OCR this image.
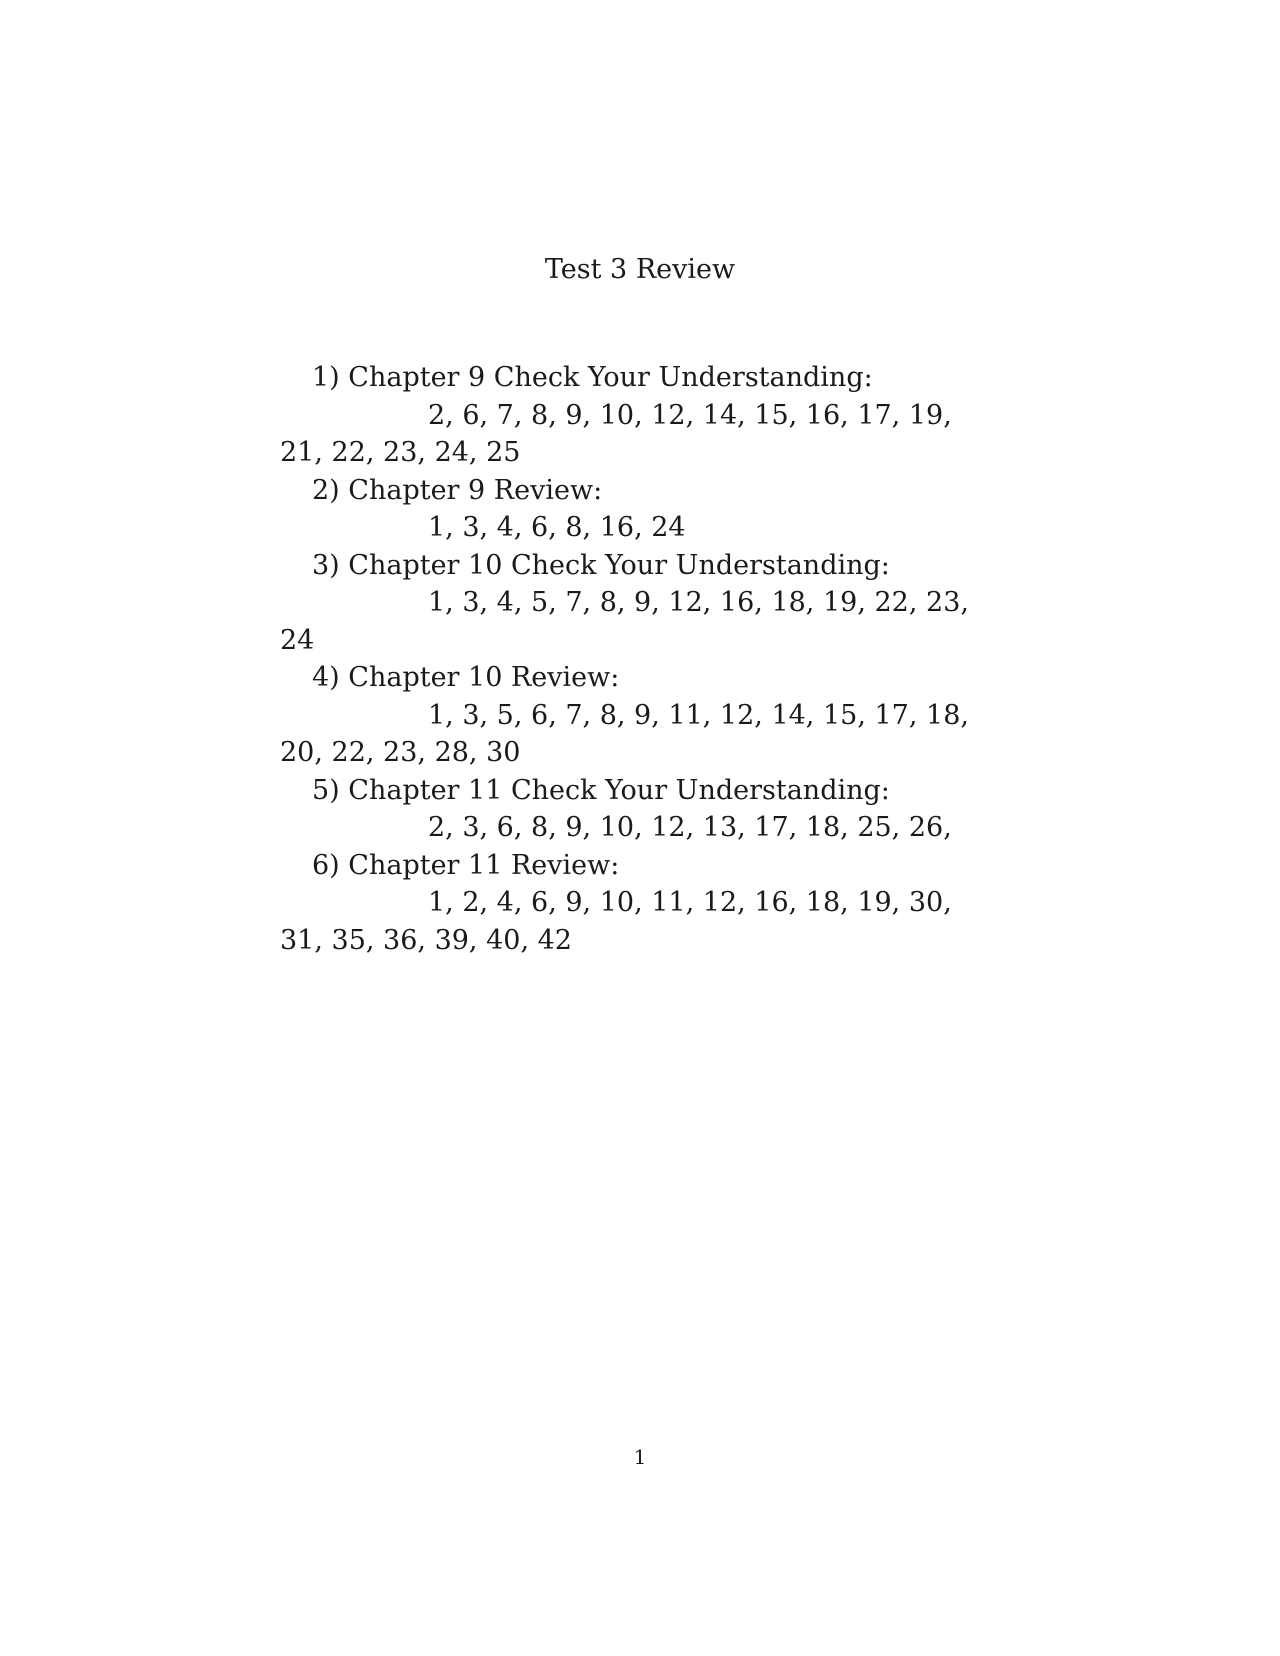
Test 3 Review
1) Chapter 9 Check Your Understanding:
2, 6, 7, 8, 9, 10, 12, 14, 15, 16, 17, 19, 21, 22, 23, 24, 25
2) Chapter 9 Review:
1, 3, 4, 6, 8, 16, 24
3) Chapter 10 Check Your Understanding:
1, 3, 4, 5, 7, 8, 9, 12, 16, 18, 19, 22, 23, 24
4) Chapter 10 Review:
1, 3, 5, 6, 7, 8, 9, 11, 12, 14, 15, 17, 18, 20, 22, 23, 28, 30
5) Chapter 11 Check Your Understanding:
2, 3, 6, 8, 9, 10, 12, 13, 17, 18, 25, 26,
6) Chapter 11 Review:
1, 2, 4, 6, 9, 10, 11, 12, 16, 18, 19, 30, 31, 35, 36, 39, 40, 42
1
